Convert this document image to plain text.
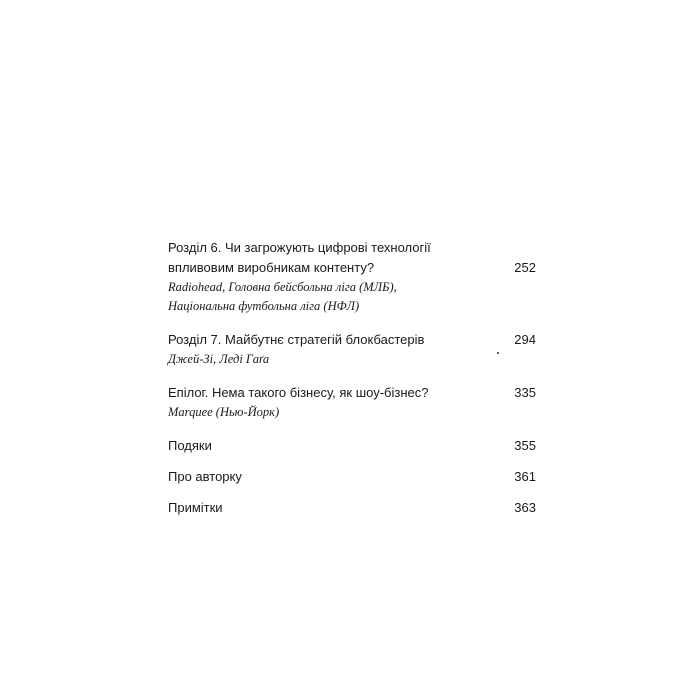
Розділ 6. Чи загрожують цифрові технології
впливовим виробникам контенту?	252
Radiohead, Головна бейсбольна ліга (МЛБ),
Національна футбольна ліга (НФЛ)
Розділ 7. Майбутнє стратегій блокбастерів	294
Джей-Зі, Леді Гаґа
Епілог. Нема такого бізнесу, як шоу-бізнес?	335
Marquee (Нью-Йорк)
Подяки	355
Про авторку	361
Примітки	363
